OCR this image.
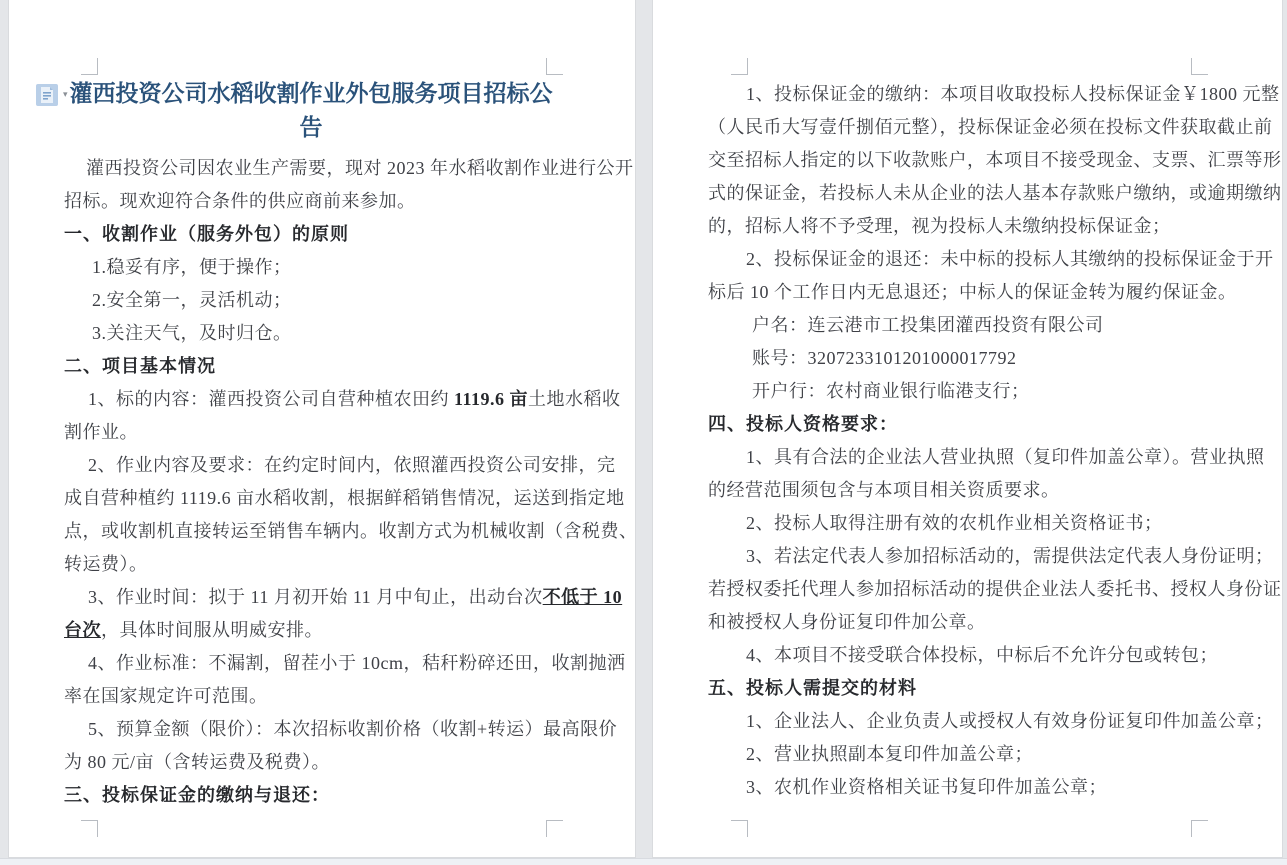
灌西投资公司水稻收割作业外包服务项目招标公告
灌西投资公司因农业生产需要，现对 2023 年水稻收割作业进行公开
招标。现欢迎符合条件的供应商前来参加。
一、收割作业（服务外包）的原则
1.稳妥有序，便于操作；
2.安全第一，灵活机动；
3.关注天气，及时归仓。
二、项目基本情况
1、标的内容：灌西投资公司自营种植农田约 1119.6 亩土地水稻收
割作业。
2、作业内容及要求：在约定时间内，依照灌西投资公司安排，完
成自营种植约 1119.6 亩水稻收割，根据鲜稻销售情况，运送到指定地
点，或收割机直接转运至销售车辆内。收割方式为机械收割（含税费、
转运费）。
3、作业时间：拟于 11 月初开始 11 月中旬止，出动台次不低于 10
台次，具体时间服从明威安排。
4、作业标准：不漏割，留茬小于 10cm，秸秆粉碎还田，收割抛洒
率在国家规定许可范围。
5、预算金额（限价）：本次招标收割价格（收割+转运）最高限价
为 80 元/亩（含转运费及税费）。
三、投标保证金的缴纳与退还：
1、投标保证金的缴纳：本项目收取投标人投标保证金￥1800 元整
（人民币大写壹仟捌佰元整），投标保证金必须在投标文件获取截止前
交至招标人指定的以下收款账户，本项目不接受现金、支票、汇票等形
式的保证金，若投标人未从企业的法人基本存款账户缴纳，或逾期缴纳
的，招标人将不予受理，视为投标人未缴纳投标保证金；
2、投标保证金的退还：未中标的投标人其缴纳的投标保证金于开
标后 10 个工作日内无息退还；中标人的保证金转为履约保证金。
户名：连云港市工投集团灌西投资有限公司
账号：3207233101201000017792
开户行：农村商业银行临港支行；
四、投标人资格要求：
1、具有合法的企业法人营业执照（复印件加盖公章）。营业执照
的经营范围须包含与本项目相关资质要求。
2、投标人取得注册有效的农机作业相关资格证书；
3、若法定代表人参加招标活动的，需提供法定代表人身份证明；
若授权委托代理人参加招标活动的提供企业法人委托书、授权人身份证
和被授权人身份证复印件加公章。
4、本项目不接受联合体投标，中标后不允许分包或转包；
五、投标人需提交的材料
1、企业法人、企业负责人或授权人有效身份证复印件加盖公章；
2、营业执照副本复印件加盖公章；
3、农机作业资格相关证书复印件加盖公章；
▾
